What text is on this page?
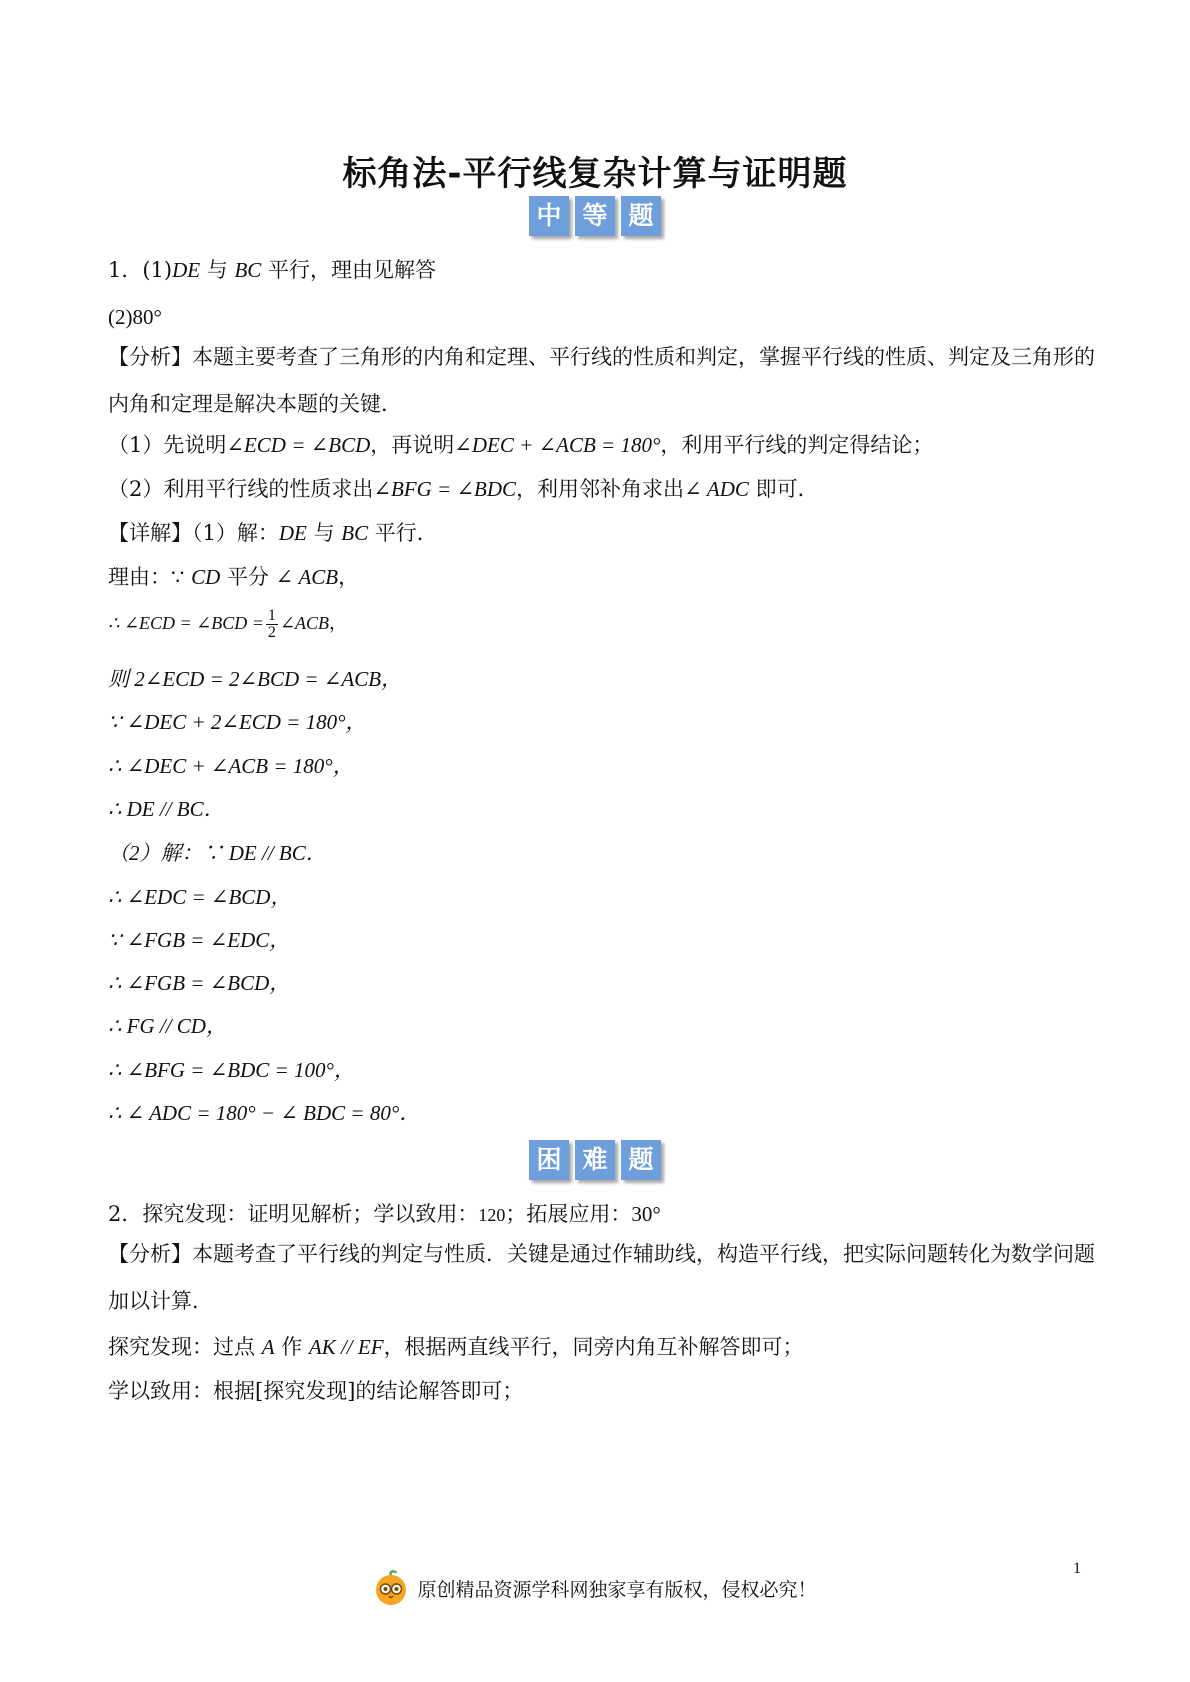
标角法-平行线复杂计算与证明题
中 等 题
1．(1)DE 与 BC 平行，理由见解答
(2)80°
【分析】本题主要考查了三角形的内角和定理、平行线的性质和判定，掌握平行线的性质、判定及三角形的内角和定理是解决本题的关键．
（1）先说明∠ECD = ∠BCD，再说明∠DEC + ∠ACB = 180°，利用平行线的判定得结论；
（2）利用平行线的性质求出∠BFG = ∠BDC，利用邻补角求出∠ ADC 即可．
【详解】（1）解：DE 与 BC 平行．
理由：∵ CD 平分 ∠ ACB，
∴ ∠ECD = ∠BCD = $\frac{1}{2}$ ∠ACB，
则 2∠ECD = 2∠BCD = ∠ACB，
∵ ∠DEC + 2∠ECD = 180°，
∴ ∠DEC + ∠ACB = 180°，
∴ DE // BC．
（2）解：∵ DE // BC．
∴ ∠EDC = ∠BCD，
∵ ∠FGB = ∠EDC，
∴ ∠FGB = ∠BCD，
∴ FG // CD，
∴ ∠BFG = ∠BDC = 100°，
∴ ∠ ADC = 180° − ∠ BDC = 80°．
困 难 题
2．探究发现：证明见解析；学以致用：120；拓展应用：30°
【分析】本题考查了平行线的判定与性质．关键是通过作辅助线，构造平行线，把实际问题转化为数学问题加以计算．
探究发现：过点 A 作 AK // EF，根据两直线平行，同旁内角互补解答即可；
学以致用：根据[探究发现]的结论解答即可；
原创精品资源学科网独家享有版权，侵权必究！
1
